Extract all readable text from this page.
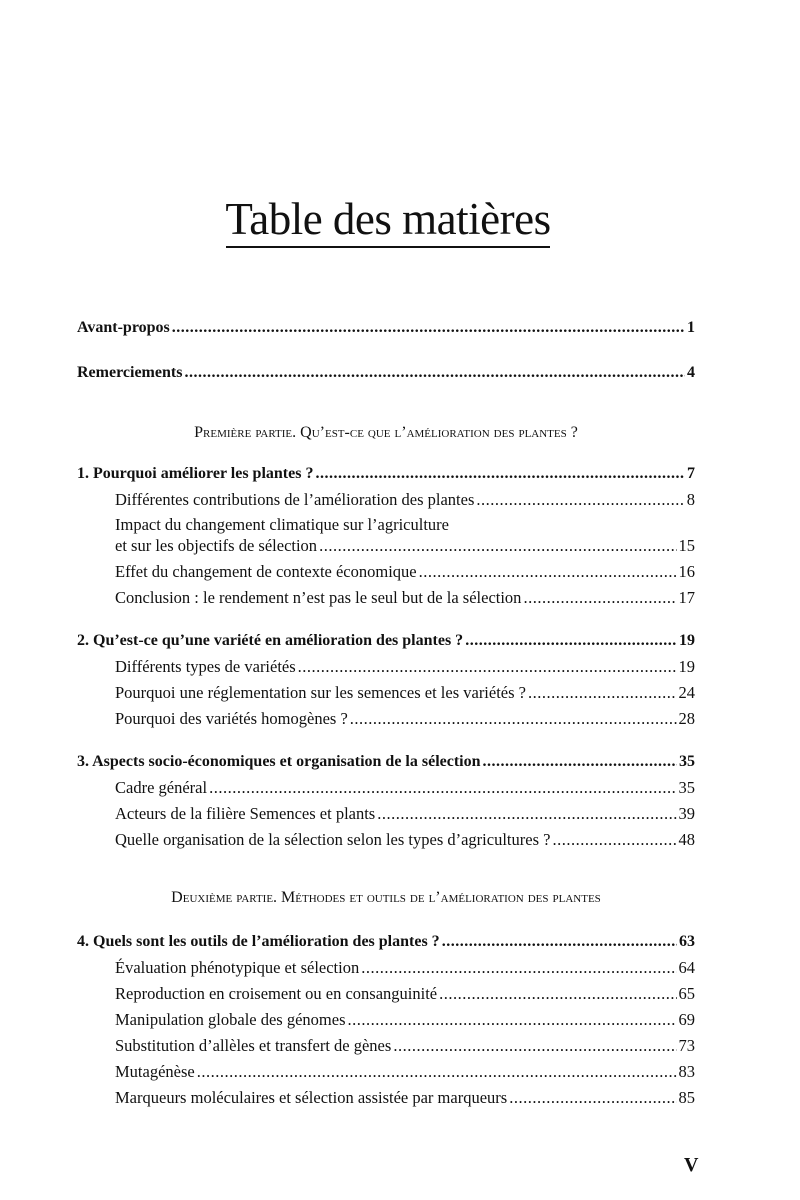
Table des matières
Avant-propos .....	1
Remerciements .....	4
Première partie. Qu’est-ce que l’amélioration des plantes ?
1. Pourquoi améliorer les plantes ? .....	7
Différentes contributions de l’amélioration des plantes .....	8
Impact du changement climatique sur l’agriculture
et sur les objectifs de sélection .....	15
Effet du changement de contexte économique .....	16
Conclusion : le rendement n’est pas le seul but de la sélection .....	17
2. Qu’est-ce qu’une variété en amélioration des plantes ? .....	19
Différents types de variétés .....	19
Pourquoi une réglementation sur les semences et les variétés ? .....	24
Pourquoi des variétés homogènes ? .....	28
3. Aspects socio-économiques et organisation de la sélection .....	35
Cadre général .....	35
Acteurs de la filière Semences et plants .....	39
Quelle organisation de la sélection selon les types d’agricultures ? .....	48
Deuxième partie. Méthodes et outils de l’amélioration des plantes
4. Quels sont les outils de l’amélioration des plantes ? .....	63
Évaluation phénotypique et sélection .....	64
Reproduction en croisement ou en consanguinité .....	65
Manipulation globale des génomes .....	69
Substitution d’allèles et transfert de gènes .....	73
Mutagénèse .....	83
Marqueurs moléculaires et sélection assistée par marqueurs .....	85
V
